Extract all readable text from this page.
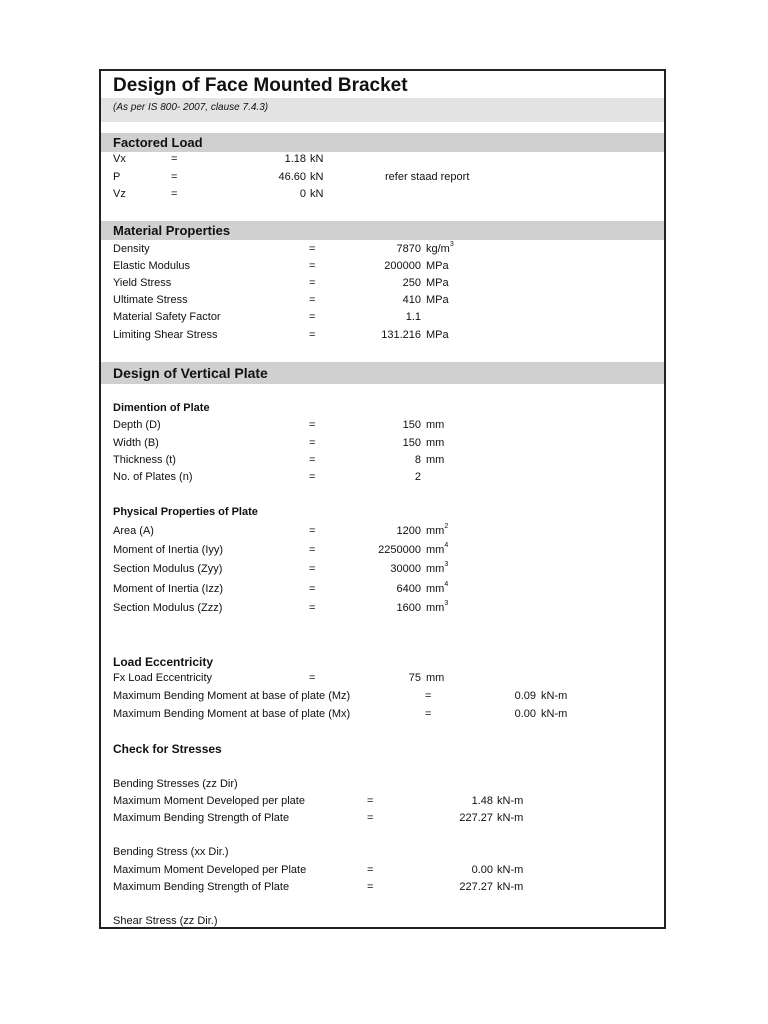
Design of Face Mounted Bracket
(As per IS 800- 2007, clause 7.4.3)
Factored Load
Vx	=	1.18 kN
P	=	46.60 kN	refer staad report
Vz	=	0 kN
Material Properties
Density	=	7870 $kg/m^3$
Elastic Modulus	=	200000 MPa
Yield Stress	=	250 MPa
Ultimate Stress	=	410 MPa
Material Safety Factor	=	1.1
Limiting Shear Stress	=	131.216 MPa
Design of Vertical Plate
Dimention of Plate
Depth (D)	=	150 mm
Width (B)	=	150 mm
Thickness (t)	=	8 mm
No. of Plates (n)	=	2
Physical Properties of Plate
Area (A)	=	1200 $mm^2$
Moment of Inertia (Iyy)	=	2250000 $mm^4$
Section Modulus (Zyy)	=	30000 $mm^3$
Moment of Inertia (Izz)	=	6400 $mm^4$
Section Modulus (Zzz)	=	1600 $mm^3$
Load Eccentricity
Fx Load Eccentricity	=	75 mm
Maximum Bending Moment at base of plate (Mz)	=	0.09 kN-m
Maximum Bending Moment at base of plate (Mx)	=	0.00 kN-m
Check for Stresses
Bending Stresses (zz Dir)
Maximum Moment Developed per plate	=	1.48 kN-m
Maximum Bending Strength of Plate	=	227.27 kN-m
Bending Stress (xx Dir.)
Maximum Moment Developed per Plate	=	0.00 kN-m
Maximum Bending Strength of Plate	=	227.27 kN-m
Shear Stress (zz Dir.)
